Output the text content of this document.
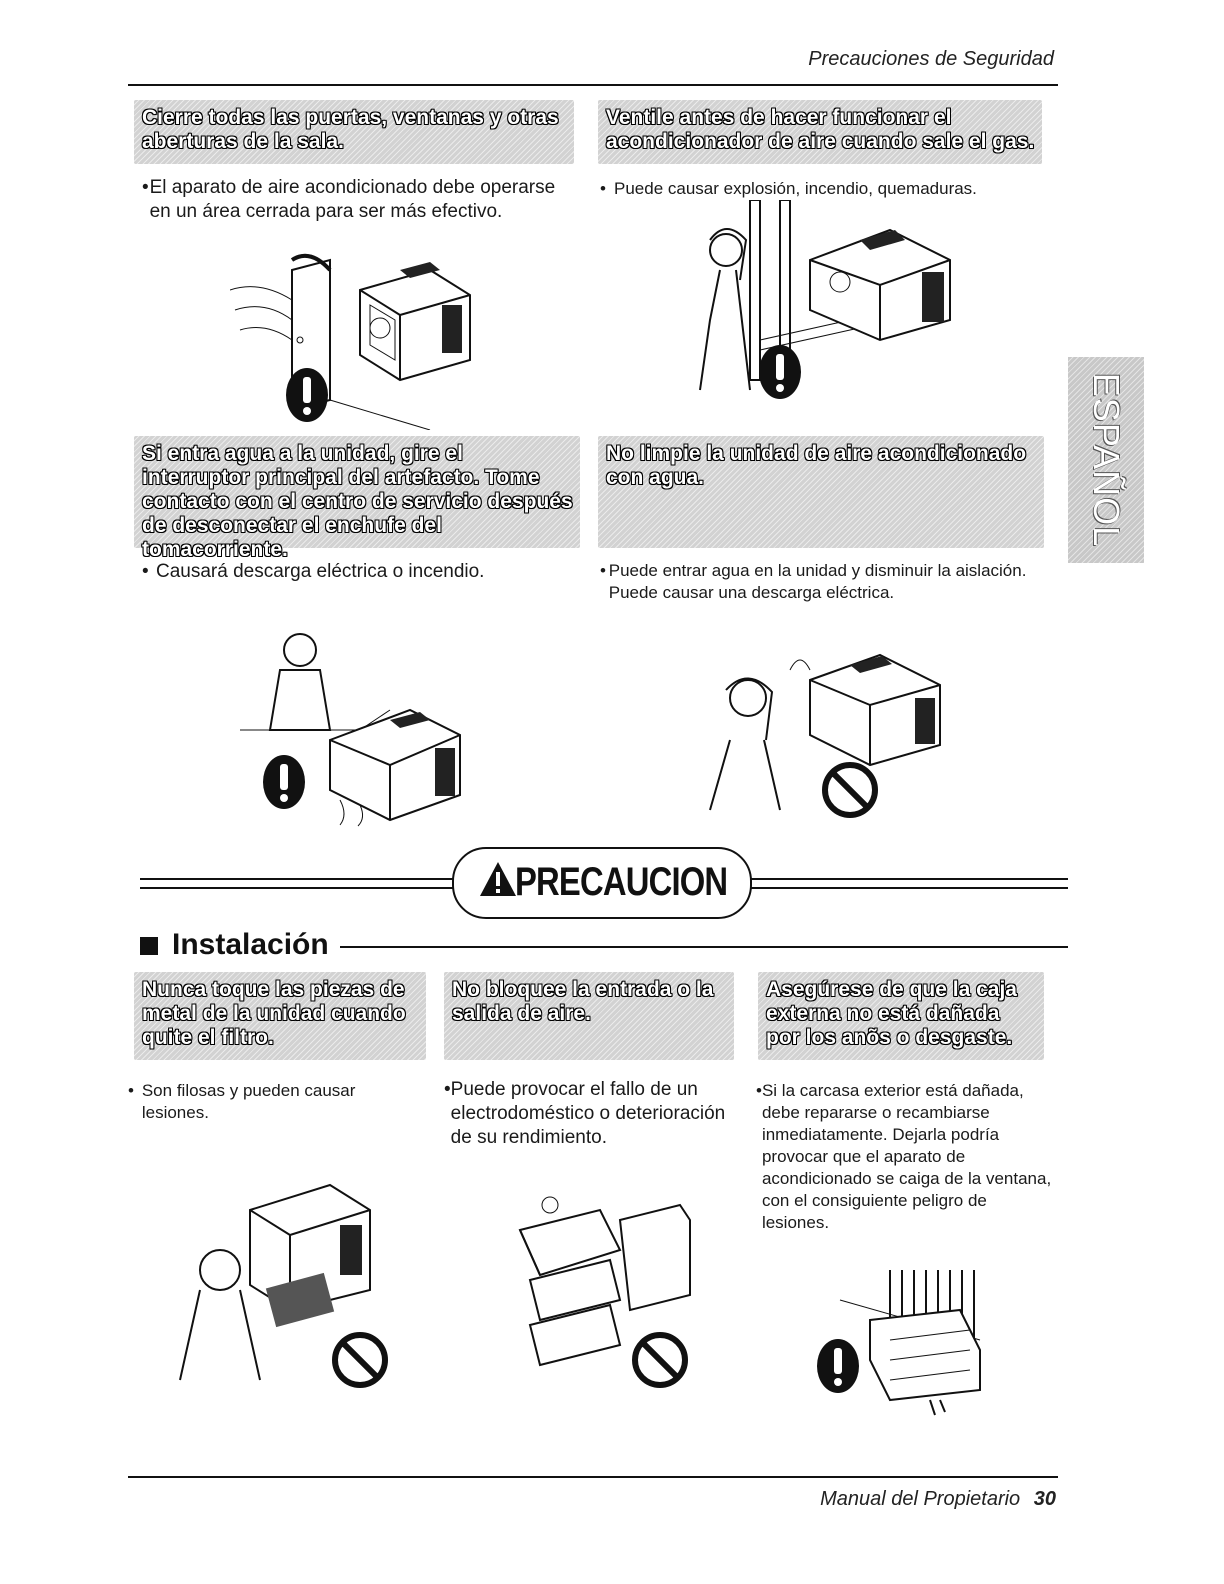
Precauciones de Seguridad
ESPAÑOL
Cierre todas las puertas, ventanas y otras aberturas de la sala.
• El aparato de aire acondicionado debe operarse en un área cerrada para ser más efectivo.
Ventile antes de hacer funcionar el acondicionador de aire cuando sale el gas.
• Puede causar explosión, incendio, quemaduras.
Si entra agua a la unidad, gire el interruptor principal del artefacto. Tome contacto con el centro de servicio después de desconectar el enchufe del tomacorriente.
• Causará descarga eléctrica o incendio.
No limpie la unidad de aire acondicionado con agua.
• Puede entrar agua en la unidad y disminuir la aislación. Puede causar una descarga eléctrica.
PRECAUCION
Instalación
Nunca toque las piezas de metal de la unidad cuando quite el filtro.
• Son filosas y pueden causar lesiones.
No bloquee la entrada o la salida de aire.
• Puede provocar el fallo de un electrodoméstico o deterioración de su rendimiento.
Asegúrese de que la caja externa no está dañada por los anõs o desgaste.
• Si la carcasa exterior está dañada, debe repararse o recambiarse inmediatamente. Dejarla podría provocar que el aparato de acondicionado se caiga de la ventana, con el consiguiente peligro de lesiones.
Manual del Propietario 30
